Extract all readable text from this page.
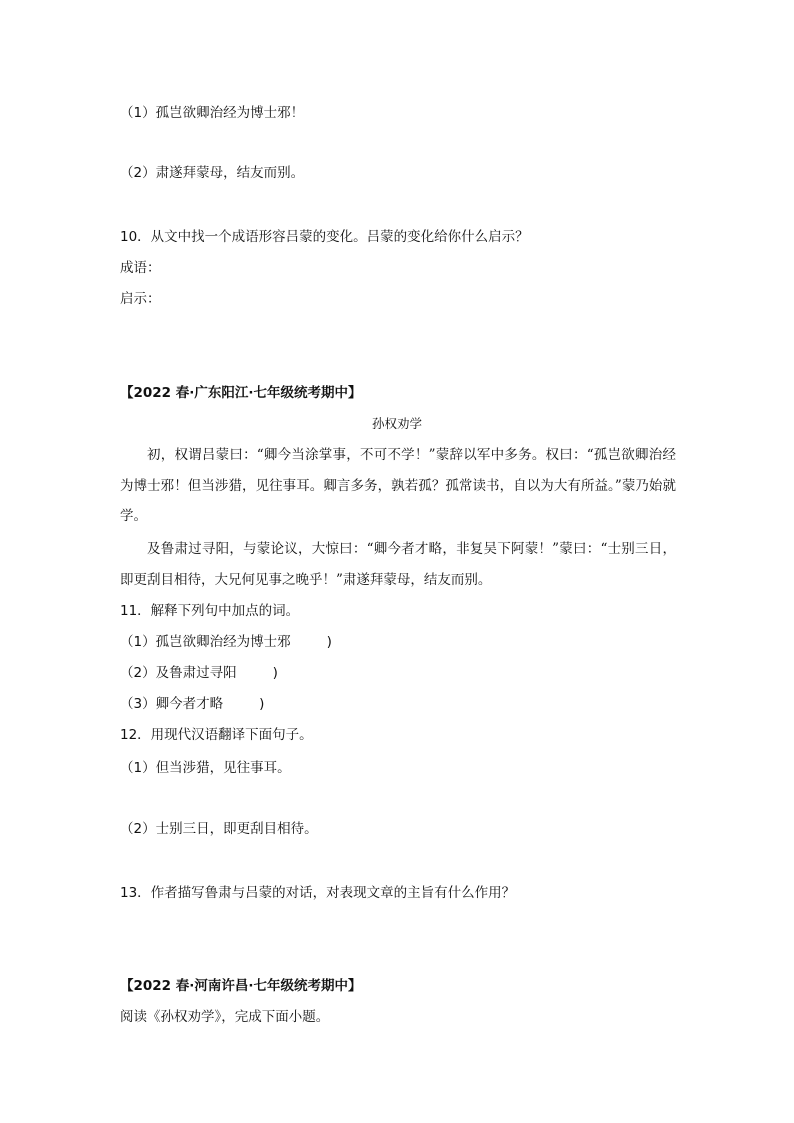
（1）孤岂欲卿治经为博士邪！

（2）肃遂拜蒙母，结友而别。

10．从文中找一个成语形容吕蒙的变化。吕蒙的变化给你什么启示？

成语：

启示：

【2022 春·广东阳江·七年级统考期中】

孙权劝学

初，权谓吕蒙曰：“卿今当涂掌事，不可不学！”蒙辞以军中多务。权曰：“孤岂欲卿治经为博士邪！但当涉猎，见往事耳。卿言多务，孰若孤？孤常读书，自以为大有所益。”蒙乃始就学。

及鲁肃过寻阳，与蒙论议，大惊曰：“卿今者才略，非复吴下阿蒙！”蒙曰：“士别三日，即更刮目相待，大兄何见事之晚乎！”肃遂拜蒙母，结友而别。

11．解释下列句中加点的词。

（1）孤岂欲卿治经为博士邪	)

（2）及鲁肃过寻阳	)

（3）卿今者才略	)

12．用现代汉语翻译下面句子。

（1）但当涉猎，见往事耳。

（2）士别三日，即更刮目相待。

13．作者描写鲁肃与吕蒙的对话，对表现文章的主旨有什么作用？

【2022 春·河南许昌·七年级统考期中】

阅读《孙权劝学》，完成下面小题。
